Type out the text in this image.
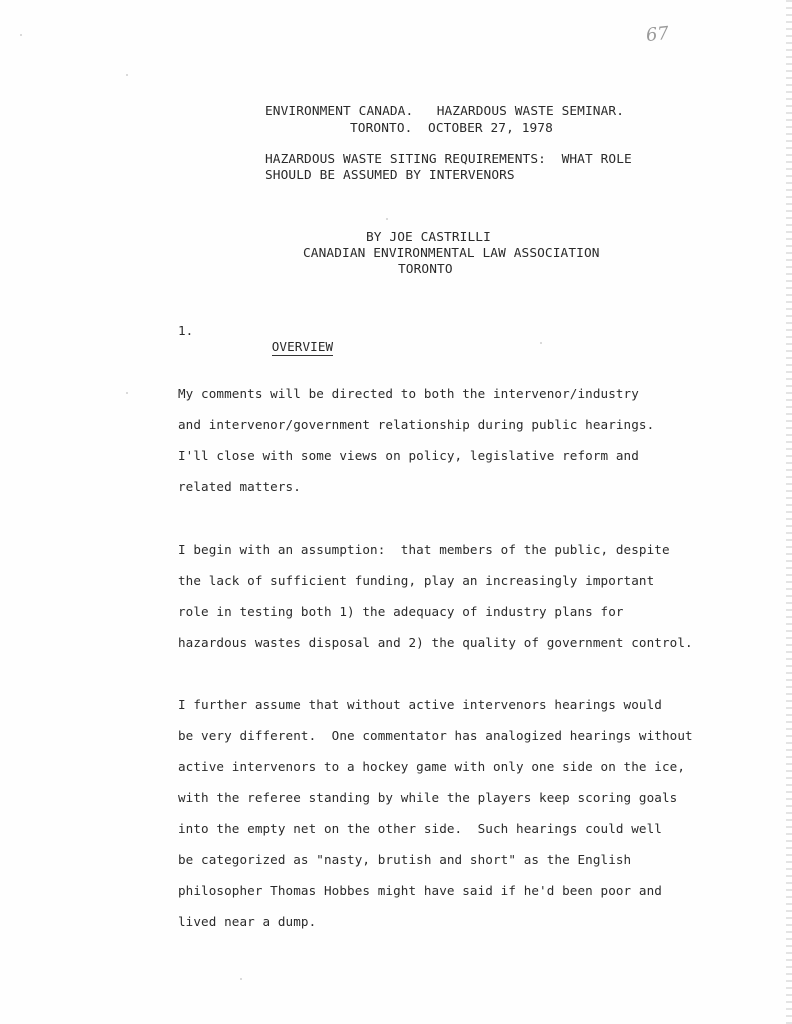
67
ENVIRONMENT CANADA.   HAZARDOUS WASTE SEMINAR.
TORONTO.  OCTOBER 27, 1978
HAZARDOUS WASTE SITING REQUIREMENTS:  WHAT ROLE
SHOULD BE ASSUMED BY INTERVENORS
BY JOE CASTRILLI
CANADIAN ENVIRONMENTAL LAW ASSOCIATION
TORONTO
1.

OVERVIEW

My comments will be directed to both the intervenor/industry
and intervenor/government relationship during public hearings.
I'll close with some views on policy, legislative reform and
related matters.
I begin with an assumption:  that members of the public, despite
the lack of sufficient funding, play an increasingly important
role in testing both 1) the adequacy of industry plans for
hazardous wastes disposal and 2) the quality of government control.
I further assume that without active intervenors hearings would
be very different.  One commentator has analogized hearings without
active intervenors to a hockey game with only one side on the ice,
with the referee standing by while the players keep scoring goals
into the empty net on the other side.  Such hearings could well
be categorized as "nasty, brutish and short" as the English
philosopher Thomas Hobbes might have said if he'd been poor and
lived near a dump.
